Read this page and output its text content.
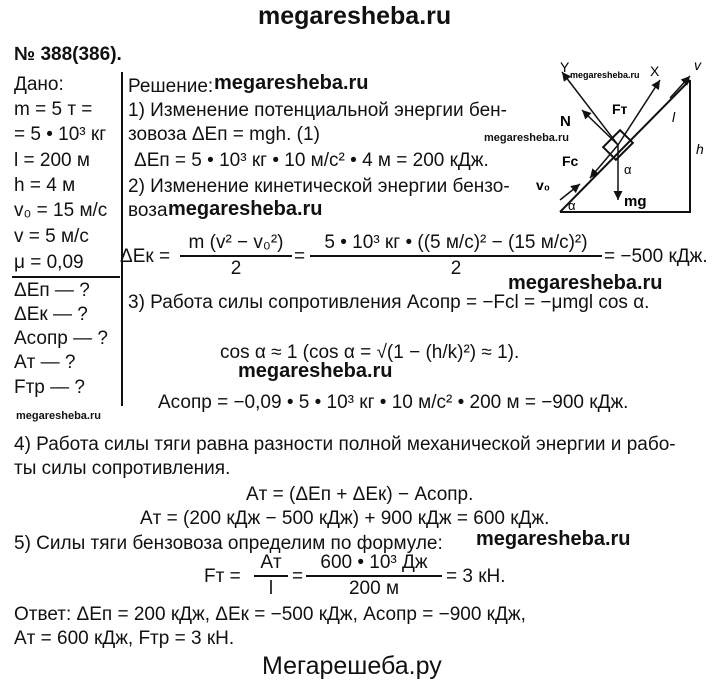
megaresheba.ru
№ 388(386).
Дано:
m = 5 т =
= 5 • 10³ кг
l = 200 м
h = 4 м
v₀ = 15 м/с
v = 5 м/с
μ = 0,09
ΔEп — ?
ΔEк — ?
Aсопр — ?
Aт — ?
Fтр — ?
megaresheba.ru
Решение: megaresheba.ru
1) Изменение потенциальной энергии бен-
зовоза ΔEп = mgh. (1)	megaresheba.ru
ΔEп = 5 • 10³ кг • 10 м/с² • 4 м = 200 кДж.
2) Изменение кинетической энергии бензо-
воза megaresheba.ru
ΔEк =
m (v² − v₀²)
2
=
5 • 10³ кг • ((5 м/с)² − (15 м/с)²)
2
= −500 кДж.
megaresheba.ru
3) Работа силы сопротивления Aсопр = −Fсl = −μmgl cos α.
cos α ≈ 1 (cos α = √(1 − (h/k)²) ≈ 1).
megaresheba.ru
Aсопр = −0,09 • 5 • 10³ кг • 10 м/с² • 200 м = −900 кДж.
4) Работа силы тяги равна разности полной механической энергии и рабо-
ты силы сопротивления.
Aт = (ΔEп + ΔEк) − Aсопр.
Aт = (200 кДж − 500 кДж) + 900 кДж = 600 кДж.
5) Силы тяги бензовоза определим по формуле: megaresheba.ru
Fт =
Aт
l
=
600 • 10³ Дж
200 м
= 3 кН.
Ответ: ΔEп = 200 кДж, ΔEк = −500 кДж, Aсопр = −900 кДж,
Aт = 600 кДж, Fтр = 3 кН.
Мегарешеба.ру
Y	X v
N
Fт	l
h
Fс
v₀
α
α
mg
megaresheba.ru
